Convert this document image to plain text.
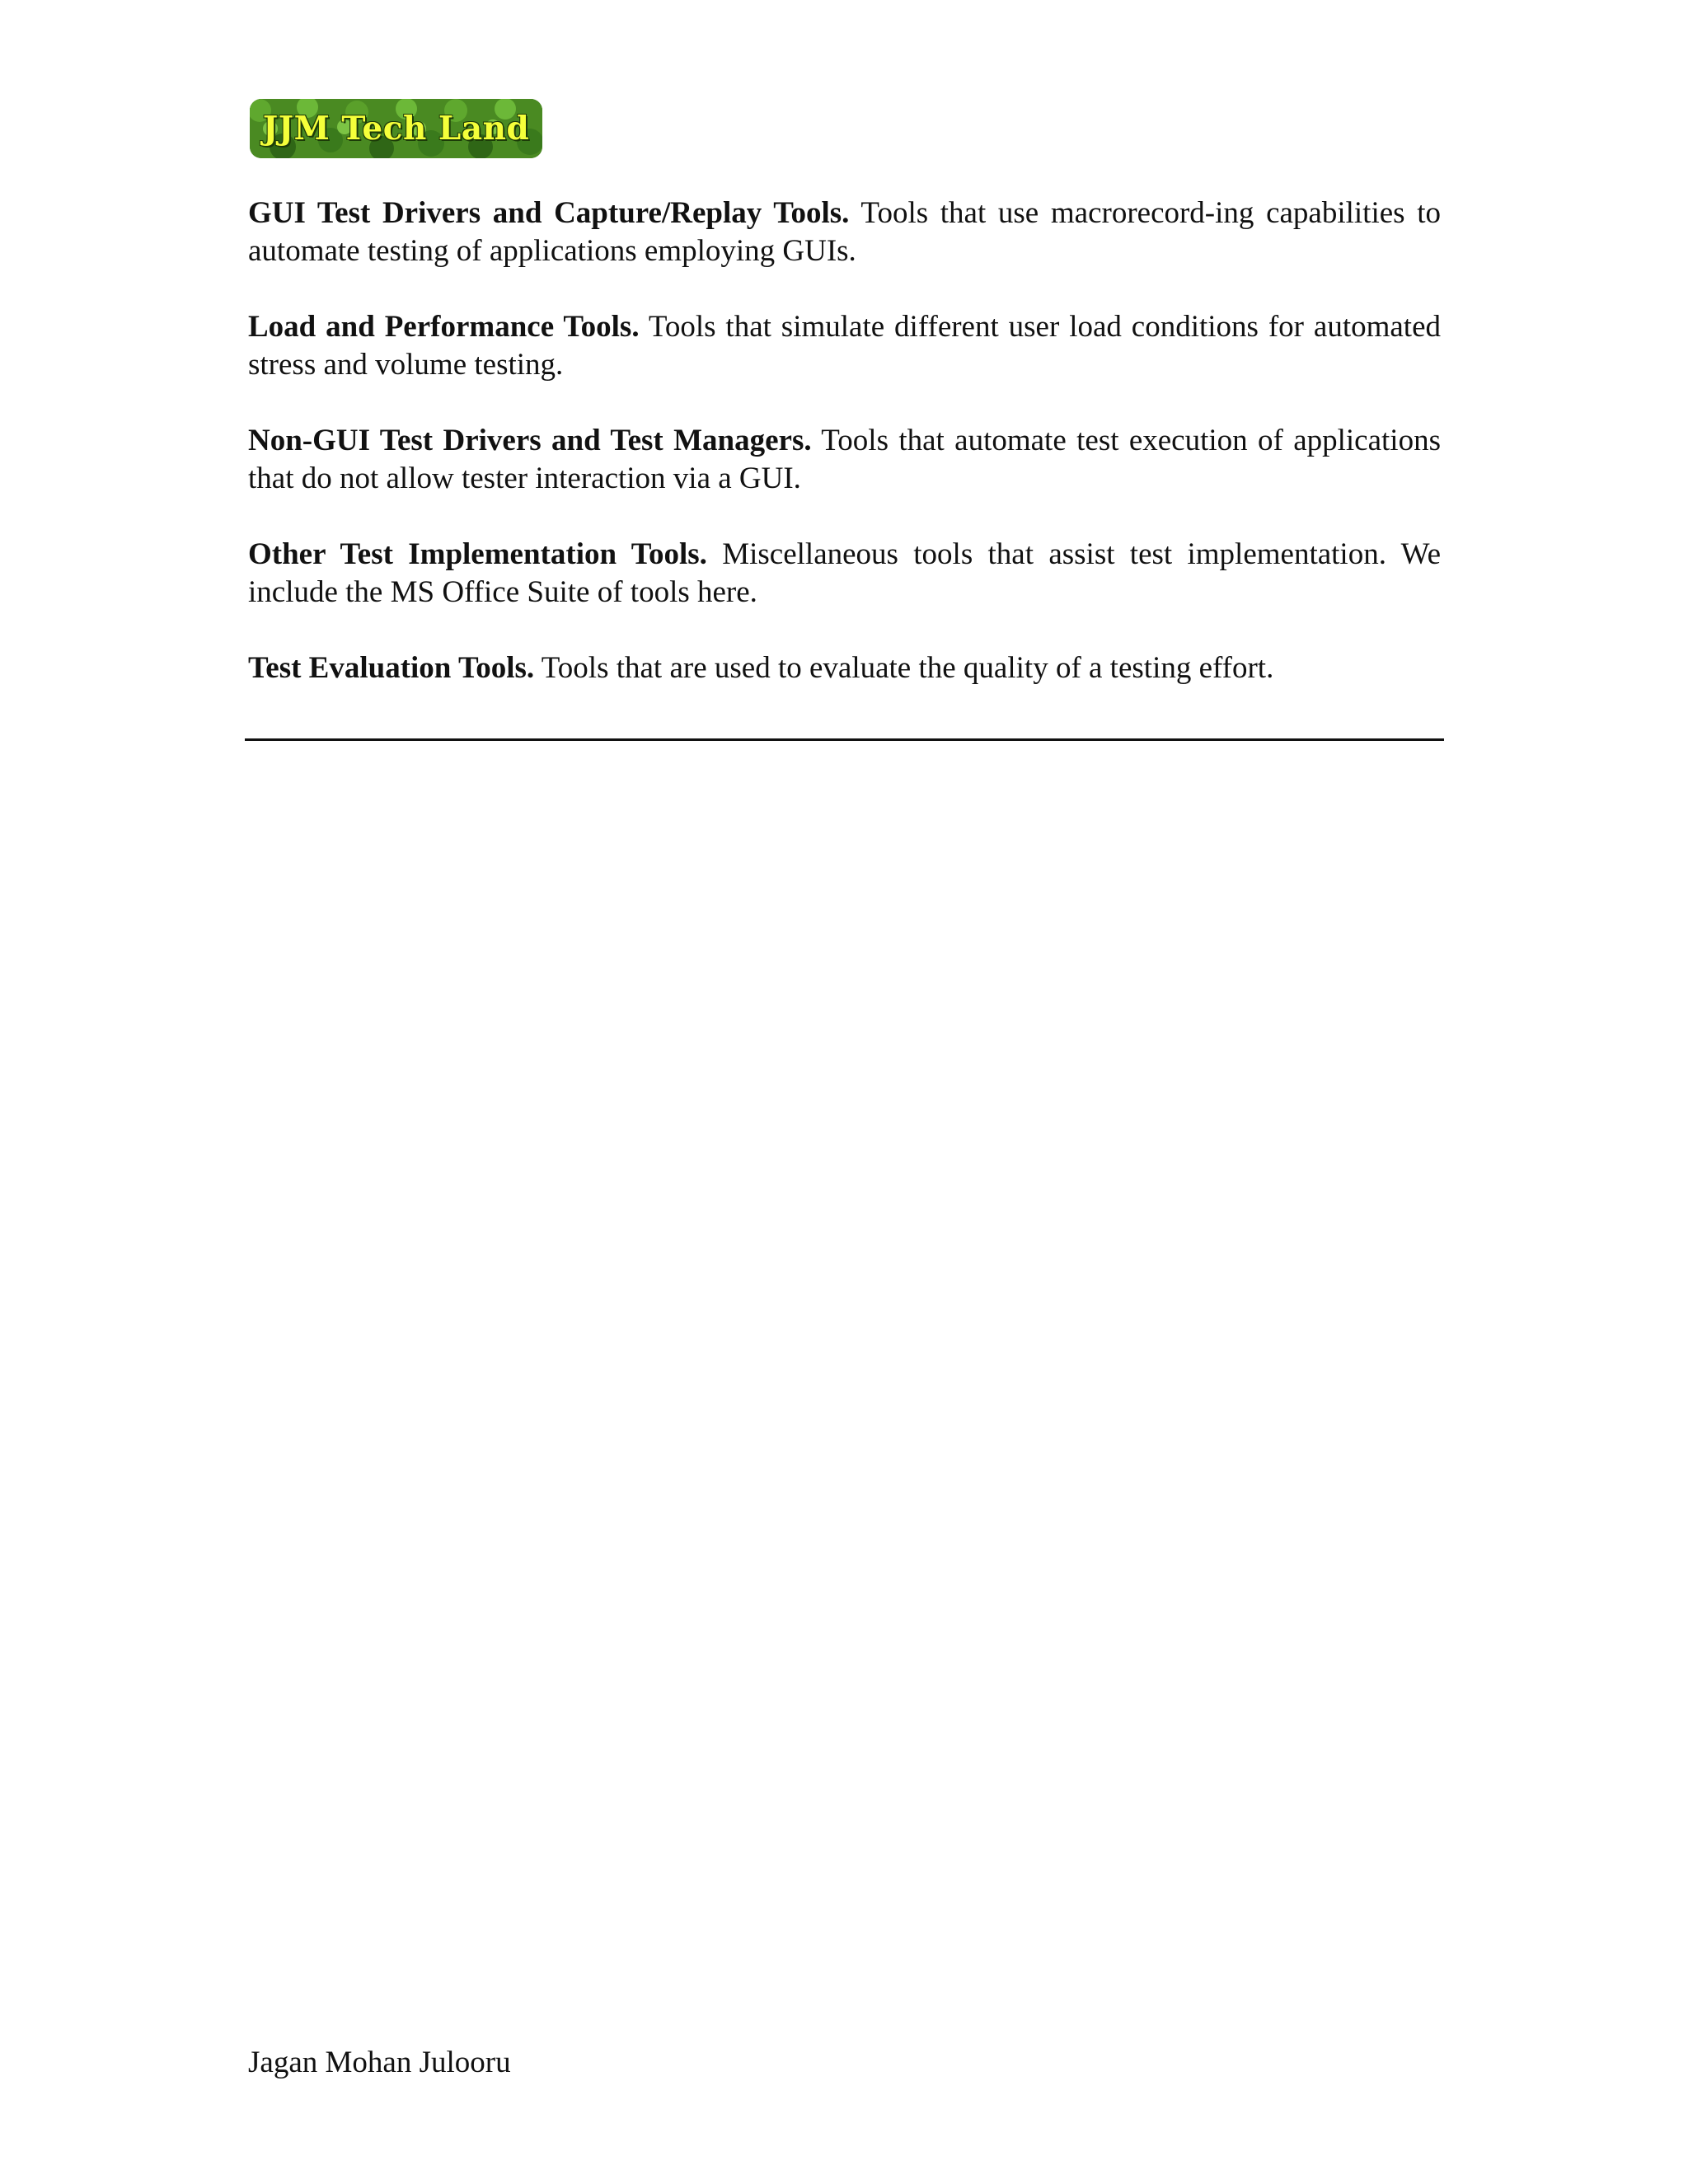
JJM Tech Land

GUI Test Drivers and Capture/Replay Tools. Tools that use macrorecord-ing capabilities to automate testing of applications employing GUIs.

Load and Performance Tools. Tools that simulate different user load conditions for automated stress and volume testing.

Non-GUI Test Drivers and Test Managers. Tools that automate test execution of applications that do not allow tester interaction via a GUI.

Other Test Implementation Tools. Miscellaneous tools that assist test implementation. We include the MS Office Suite of tools here.

Test Evaluation Tools. Tools that are used to evaluate the quality of a testing effort.

Jagan Mohan Julooru
